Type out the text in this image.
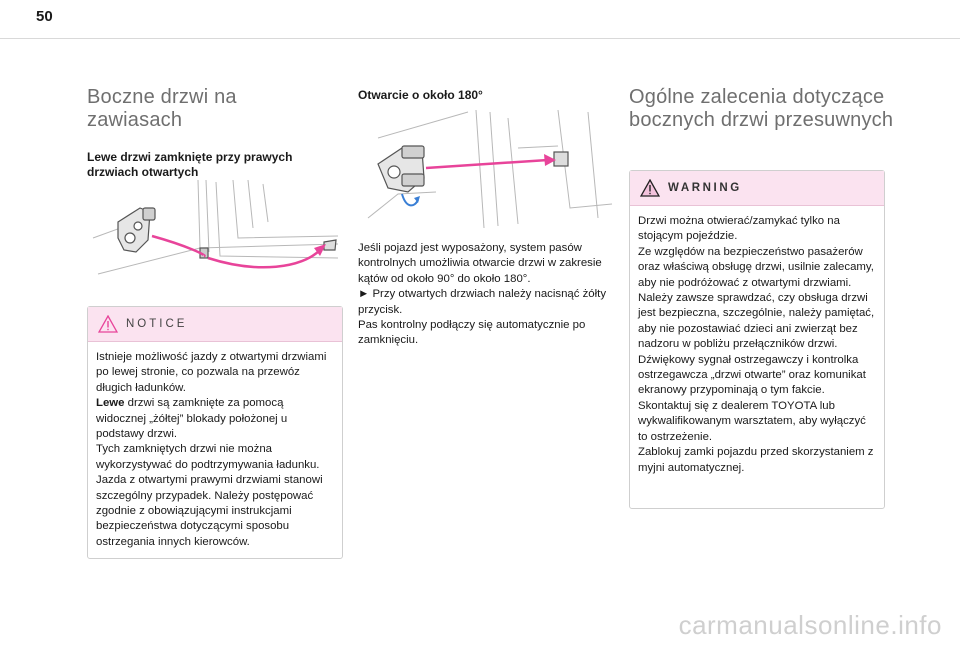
50
Boczne drzwi na zawiasach

Lewe drzwi zamknięte przy prawych drzwiach otwartych

NOTICE
Istnieje możliwość jazdy z otwartymi drzwiami po lewej stronie, co pozwala na przewóz długich ładunków.
Lewe drzwi są zamknięte za pomocą widocznej „żółtej” blokady położonej u podstawy drzwi.
Tych zamkniętych drzwi nie można wykorzystywać do podtrzymywania ładunku.
Jazda z otwartymi prawymi drzwiami stanowi szczególny przypadek. Należy postępować zgodnie z obowiązującymi instrukcjami bezpieczeństwa dotyczącymi sposobu ostrzegania innych kierowców.

Otwarcie o około 180°

Jeśli pojazd jest wyposażony, system pasów kontrolnych umożliwia otwarcie drzwi w zakresie kątów od około 90° do około 180°.
► Przy otwartych drzwiach należy nacisnąć żółty przycisk.
Pas kontrolny podłączy się automatycznie po zamknięciu.
Ogólne zalecenia dotyczące bocznych drzwi przesuwnych
WARNING
Drzwi można otwierać/zamykać tylko na stojącym pojeździe.
Ze względów na bezpieczeństwo pasażerów oraz właściwą obsługę drzwi, usilnie zalecamy, aby nie podróżować z otwartymi drzwiami.
Należy zawsze sprawdzać, czy obsługa drzwi jest bezpieczna, szczególnie, należy pamiętać, aby nie pozostawiać dzieci ani zwierząt bez nadzoru w pobliżu przełączników drzwi.
Dźwiękowy sygnał ostrzegawczy i kontrolka ostrzegawcza „drzwi otwarte” oraz komunikat ekranowy przypominają o tym fakcie.
Skontaktuj się z dealerem TOYOTA lub wykwalifikowanym warsztatem, aby wyłączyć to ostrzeżenie.
Zablokuj zamki pojazdu przed skorzystaniem z myjni automatycznej.
carmanualsonline.info
